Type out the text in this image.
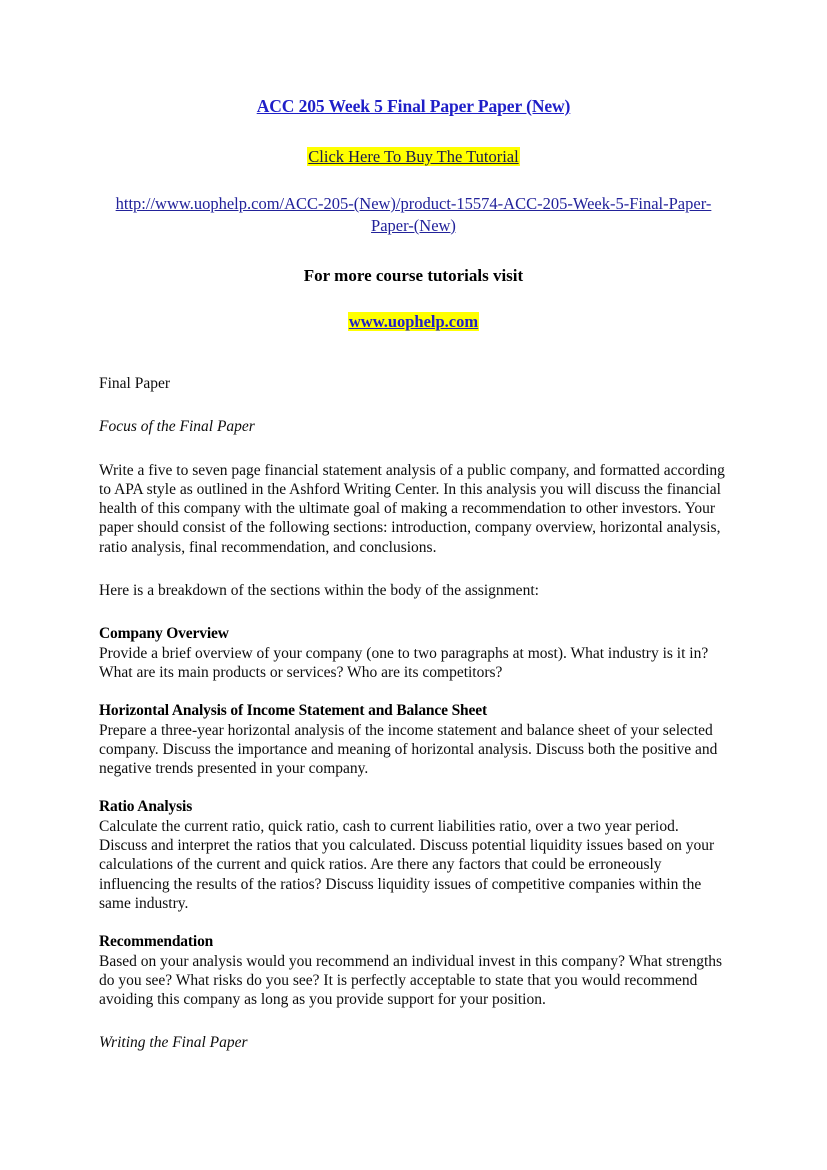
ACC 205 Week 5 Final Paper Paper (New)

Click Here To Buy The Tutorial

http://www.uophelp.com/ACC-205-(New)/product-15574-ACC-205-Week-5-Final-Paper-Paper-(New)

For more course tutorials visit

www.uophelp.com

Final Paper

Focus of the Final Paper

Write a five to seven page financial statement analysis of a public company, and formatted according to APA style as outlined in the Ashford Writing Center. In this analysis you will discuss the financial health of this company with the ultimate goal of making a recommendation to other investors. Your paper should consist of the following sections: introduction, company overview, horizontal analysis, ratio analysis, final recommendation, and conclusions.

Here is a breakdown of the sections within the body of the assignment:

Company Overview

Provide a brief overview of your company (one to two paragraphs at most). What industry is it in? What are its main products or services? Who are its competitors?

Horizontal Analysis of Income Statement and Balance Sheet

Prepare a three-year horizontal analysis of the income statement and balance sheet of your selected company. Discuss the importance and meaning of horizontal analysis. Discuss both the positive and negative trends presented in your company.

Ratio Analysis

Calculate the current ratio, quick ratio, cash to current liabilities ratio, over a two year period. Discuss and interpret the ratios that you calculated. Discuss potential liquidity issues based on your calculations of the current and quick ratios. Are there any factors that could be erroneously influencing the results of the ratios? Discuss liquidity issues of competitive companies within the same industry.

Recommendation

Based on your analysis would you recommend an individual invest in this company? What strengths do you see? What risks do you see? It is perfectly acceptable to state that you would recommend avoiding this company as long as you provide support for your position.

Writing the Final Paper
